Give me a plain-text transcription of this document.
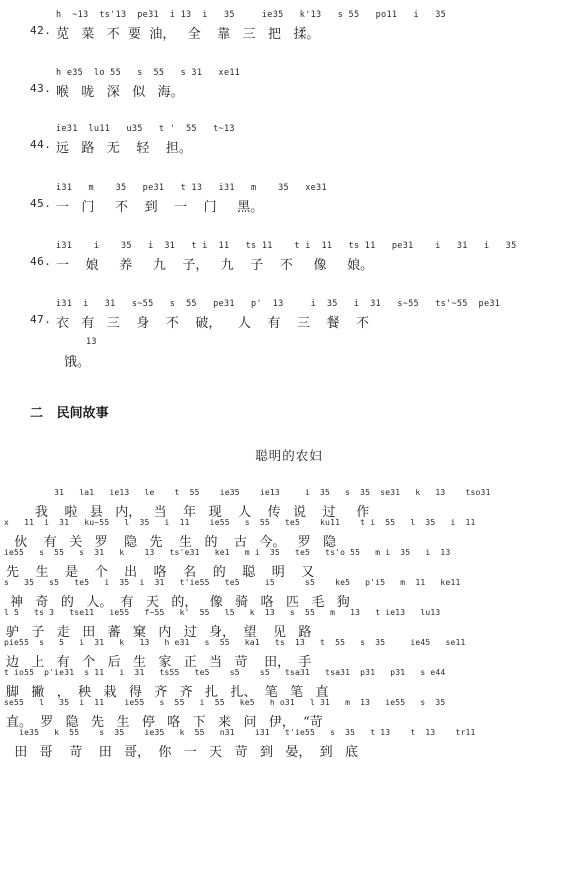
h  ~13  ts'13  pe31  i 13  i   35     ie35   k'13   s 55   po11   i   35
42. 苋   菜   不  要  油，   全    靠   三   把   揉。
h e35  lo 55   s  55   s 31   xe11
43. 喉   咙   深   似   海。
ie31  lu11   u35   t '  55   t~13
44. 远   路   无    轻    担。
i31   m    35   pe31   t 13   i31   m    35   xe31
45. 一   门     不    到    一    门     黑。
i31    i    35   i  31   t i  11   ts 11    t i  11   ts 11   pe31    i   31   i   35
46. 一    娘     养     九    子，   九    子    不     像     娘。
i31  i   31   s~55   s  55   pe31   p'  13     i  35   i  31   s~55   ts'~55  pe31
47. 衣   有   三    身    不    破，    人    有    三    餐    不
13
饿。
二   民间故事
聪明的农妇
31   la1   ie13   le    t  55    ie35    ie13     i  35   s  35  se31   k   13    tso31
我    啦   县   内，   当    年   现    人    传   说    过     作
x   11  i  31   ku~55   l  35   i  11    ie55   s  55   te5    ku11    t i  55   l  35   i  11
伙    有   关   罗    隐   先    生   的    古   今。   罗   隐
ie55   s  55   s  31   k    13   ts'e31   ke1   m i  35   te5   ts'o 55   m i  35   i  13
先    生    是    个    出    咯    名    的    聪    明    又
s   35   s5   te5   i  35  i  31   t'ie55   te5     i5      s5    ke5   p'i5   m  11   ke11
神   奇   的   人。  有   天   的，   像   骑   咯   匹   毛   狗
l 5   ts 3   tse11   ie55   f~55   k'  55   l5   k  13   s  55   m   13   t ie13   lu13
驴   子   走   田   蕃   窠   内   过   身，  望    见   路
pie55  s   5   i  31   k   13   h e31   s  55   ka1   ts  13   t  55   s  35     ie45   se11
边   上   有   个   后   生   家   正   当   苛    田，  手
t io55  p'ie31  s 11   i  31   ts55   te5    s5    s5   tsa31   tsa31  p31   p31   s e44
脚   撇   ，  秧   栽   得   齐   齐   扎   扎、  笔   笔   直
se55   l   35  i  11    ie55   s  55   i  55   ke5   h o31   l 31   m  13   ie55   s  35
直。  罗   隐   先   生   停   咯   下   来   问   伊，  “苛
ie35   k  55    s  35    ie35   k  55   n31    i31   t'ie55   s  35   t 13    t  13    tr11
田   哥    苛    田   哥，  你   一   天   苛   到   晏，  到   底
